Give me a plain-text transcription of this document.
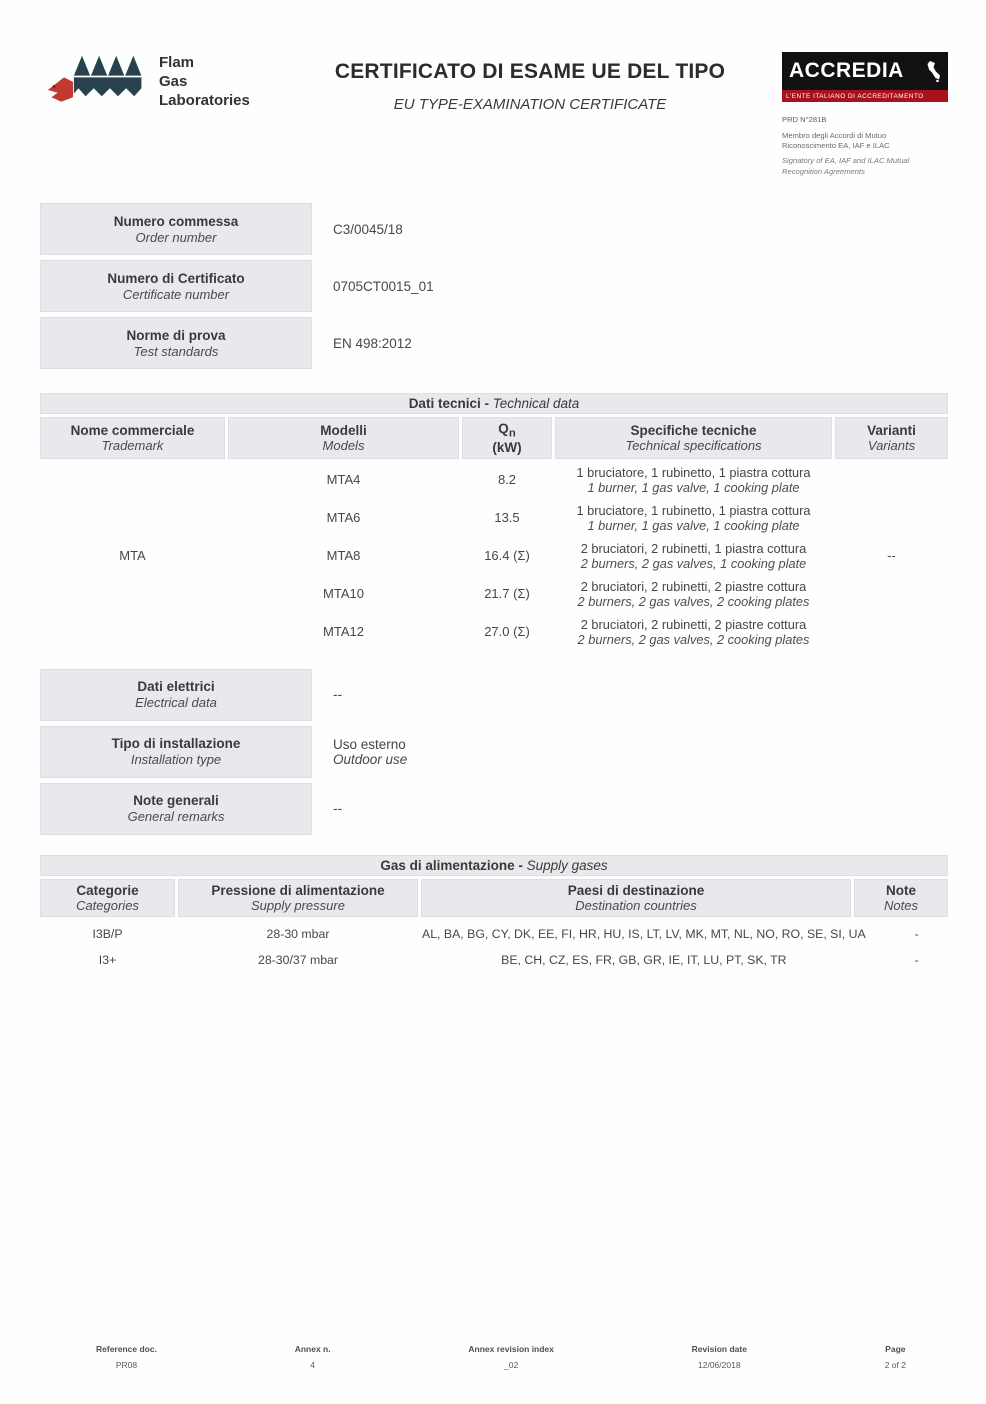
Flam
Gas
Laboratories
CERTIFICATO DI ESAME UE DEL TIPO
EU TYPE-EXAMINATION CERTIFICATE
ACCREDIA
L'ENTE ITALIANO DI ACCREDITAMENTO
PRD N°281B
Membro degli Accordi di Mutuo Riconoscimento EA, IAF e ILAC
Signatory of EA, IAF and ILAC Mutual Recognition Agreements
Numero commessa
Order number
C3/0045/18
Numero di Certificato
Certificate number
0705CT0015_01
Norme di prova
Test standards
EN 498:2012
Dati tecnici - Technical data
Nome commerciale
Trademark
Modelli
Models
$Q_n$
(kW)
Specifiche tecniche
Technical specifications
Varianti
Variants
MTA
MTA4	8.2	1 bruciatore, 1 rubinetto, 1 piastra cottura
1 burner, 1 gas valve, 1 cooking plate
MTA6	13.5	1 bruciatore, 1 rubinetto, 1 piastra cottura
1 burner, 1 gas valve, 1 cooking plate
MTA8	16.4 (Σ)	2 bruciatori, 2 rubinetti, 1 piastra cottura
2 burners, 2 gas valves, 1 cooking plate
MTA10	21.7 (Σ)	2 bruciatori, 2 rubinetti, 2 piastre cottura
2 burners, 2 gas valves, 2 cooking plates
MTA12	27.0 (Σ)	2 bruciatori, 2 rubinetti, 2 piastre cottura
2 burners, 2 gas valves, 2 cooking plates
--
Dati elettrici
Electrical data
--
Tipo di installazione
Installation type
Uso esterno
Outdoor use
Note generali
General remarks
--
Gas di alimentazione - Supply gases
Categorie
Categories
Pressione di alimentazione
Supply pressure
Paesi di destinazione
Destination countries
Note
Notes
I3B/P	28-30 mbar	AL, BA, BG, CY, DK, EE, FI, HR, HU, IS, LT, LV, MK, MT, NL, NO, RO, SE, SI, UA	-
I3+	28-30/37 mbar	BE, CH, CZ, ES, FR, GB, GR, IE, IT, LU, PT, SK, TR	-
Reference doc.
PR08
Annex n.
4
Annex revision index
_02
Revision date
12/06/2018
Page
2 of 2
